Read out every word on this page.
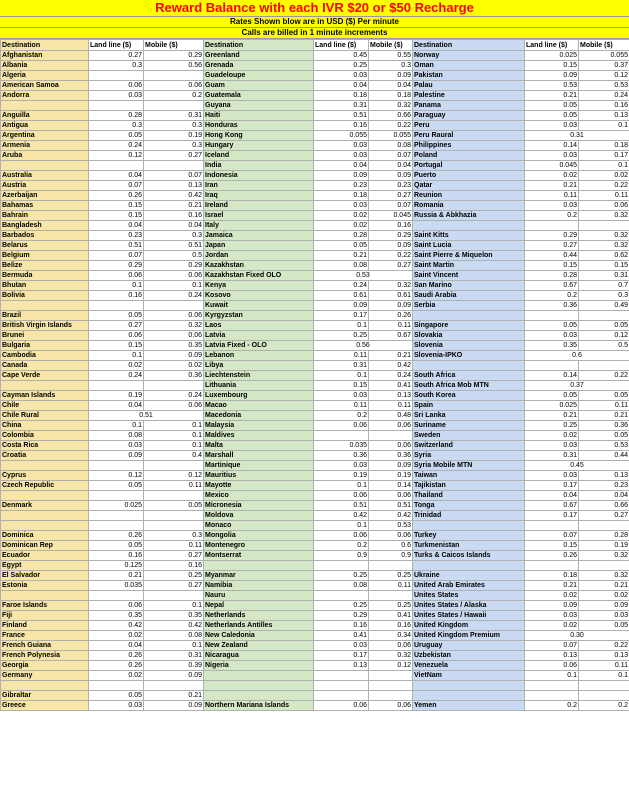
Reward Balance with each IVR $20 or $50 Recharge
Rates Shown blow are in USD ($) Per minute
Calls are billed in 1 minute increments
Destination	Land line ($)	Mobile ($)	Destination	Land line ($)	Mobile ($)	Destination	Land line ($)	Mobile ($)
Afghanistan	0.27	0.29	Greenland	0.45	0.55	Norway	0.025	0.055
Albania	0.3	0.56	Grenada	0.25	0.3	Oman	0.15	0.37
Algeria			Guadeloupe	0.03	0.09	Pakistan	0.09	0.12
American Samoa	0.06	0.06	Guam	0.04	0.04	Palau	0.53	0.53
Andorra	0.03	0.2	Guatemala	0.18	0.18	Palestine	0.21	0.24
			Guyana	0.31	0.32	Panama	0.05	0.16
Anguilla	0.28	0.31	Haiti	0.51	0.66	Paraguay	0.05	0.13
Antigua	0.3	0.3	Honduras	0.16	0.22	Peru	0.03	0.1
Argentina	0.05	0.19	Hong Kong	0.055	0.055	Peru Raural	0.31	
Armenia	0.24	0.3	Hungary	0.03	0.08	Philippines	0.14	0.18
Aruba	0.12	0.27	Iceland	0.03	0.07	Poland	0.03	0.17
			India	0.04	0.04	Portugal	0.045	0.1
Australia	0.04	0.07	Indonesia	0.09	0.09	Puerto	0.02	0.02
Austria	0.07	0.13	Iran	0.23	0.23	Qatar	0.21	0.22
Azerbaijan	0.26	0.42	Iraq	0.18	0.27	Reunion	0.11	0.11
Bahamas	0.15	0.21	Ireland	0.03	0.07	Romania	0.03	0.06
Bahrain	0.15	0.16	Israel	0.02	0.045	Russia & Abkhazia	0.2	0.32
Bangladesh	0.04	0.04	Italy	0.02	0.16			
Barbados	0.23	0.3	Jamaica	0.28	0.29	Saint Kitts	0.29	0.32
Belarus	0.51	0.51	Japan	0.05	0.09	Saint Lucia	0.27	0.32
Belgium	0.07	0.5	Jordan	0.21	0.22	Saint Pierre & Miquelon	0.44	0.62
Belize	0.29	0.29	Kazakhstan	0.08	0.27	Saint Martin	0.15	0.15
Bermuda	0.06	0.06	Kazakhstan Fixed OLO	0.53		Saint Vincent	0.28	0.31
Bhutan	0.1	0.1	Kenya	0.24	0.32	San Marino	0.67	0.7
Bolivia	0.16	0.24	Kosovo	0.61	0.61	Saudi Arabia	0.2	0.3
			Kuwait	0.09	0.09	Serbia	0.36	0.49
Brazil	0.05	0.06	Kyrgyzstan	0.17	0.26			
British Virgin Islands	0.27	0.32	Laos	0.1	0.11	Singapore	0.05	0.05
Brunei	0.06	0.06	Latvia	0.25	0.67	Slovakia	0.03	0.12
Bulgaria	0.15	0.35	Latvia Fixed - OLO	0.56		Slovenia	0.35	0.5
Cambodia	0.1	0.09	Lebanon	0.11	0.21	Slovenia-IPKO	0.6	
Canada	0.02	0.02	Libya	0.31	0.42			
Cape Verde	0.24	0.36	Liechtenstein	0.1	0.24	South Africa	0.14	0.22
			Lithuania	0.15	0.41	South Africa Mob MTN	0.37	
Cayman Islands	0.19	0.24	Luxembourg	0.03	0.13	South Korea	0.05	0.05
Chile	0.04	0.06	Macao	0.11	0.11	Spain	0.025	0.11
Chile Rural	0.51		Macedonia	0.2	0.48	Sri Lanka	0.21	0.21
China	0.1	0.1	Malaysia	0.06	0.06	Suriname	0.25	0.36
Colombia	0.08	0.1	Maldives			Sweden	0.02	0.05
Costa Rica	0.03	0.1	Malta	0.035	0.06	Switzerland	0.03	0.53
Croatia	0.09	0.4	Marshall	0.36	0.36	Syria	0.31	0.44
			Martinique	0.03	0.09	Syria Mobile MTN	0.45	
Cyprus	0.12	0.12	Mauritius	0.19	0.19	Taiwan	0.03	0.13
Czech Republic	0.05	0.11	Mayotte	0.1	0.14	Tajikistan	0.17	0.23
			Mexico	0.06	0.06	Thailand	0.04	0.04
Denmark	0.025	0.05	Micronesia	0.51	0.51	Tonga	0.67	0.66
			Moldova	0.42	0.42	Trinidad	0.17	0.27
			Monaco	0.1	0.53			
Dominica	0.26	0.3	Mongolia	0.06	0.06	Turkey	0.07	0.28
Dominican Rep	0.05	0.11	Montenegro	0.2	0.6	Turkmenistan	0.15	0.19
Ecuador	0.16	0.27	Montserrat	0.9	0.9	Turks & Caicos Islands	0.26	0.32
Egypt	0.125	0.16						
El Salvador	0.21	0.25	Myanmar	0.25	0.25	Ukraine	0.18	0.32
Estonia	0.035	0.27	Namibia	0.08	0.11	United Arab Emirates	0.21	0.21
			Nauru			Unites States	0.02	0.02
Faroe Islands	0.06	0.1	Nepal	0.25	0.25	Unites States / Alaska	0.09	0.09
Fiji	0.35	0.35	Netherlands	0.29	0.41	Unites States / Hawaii	0.03	0.03
Finland	0.42	0.42	Netherlands Antilles	0.16	0.16	United Kingdom	0.02	0.05
France	0.02	0.08	New Caledonia	0.41	0.34	United Kingdom Premium	0.30	
French Guiana	0.04	0.1	New Zealand	0.03	0.06	Uruguay	0.07	0.22
French Polynesia	0.26	0.31	Nicaragua	0.17	0.32	Uzbekistan	0.13	0.13
Georgia	0.26	0.39	Nigeria	0.13	0.12	Venezuela	0.06	0.11
Germany	0.02	0.09				VietNam	0.1	0.1

Gibraltar	0.05	0.21						
Greece	0.03	0.09	Northern Mariana Islands	0.06	0.06	Yemen	0.2	0.2
